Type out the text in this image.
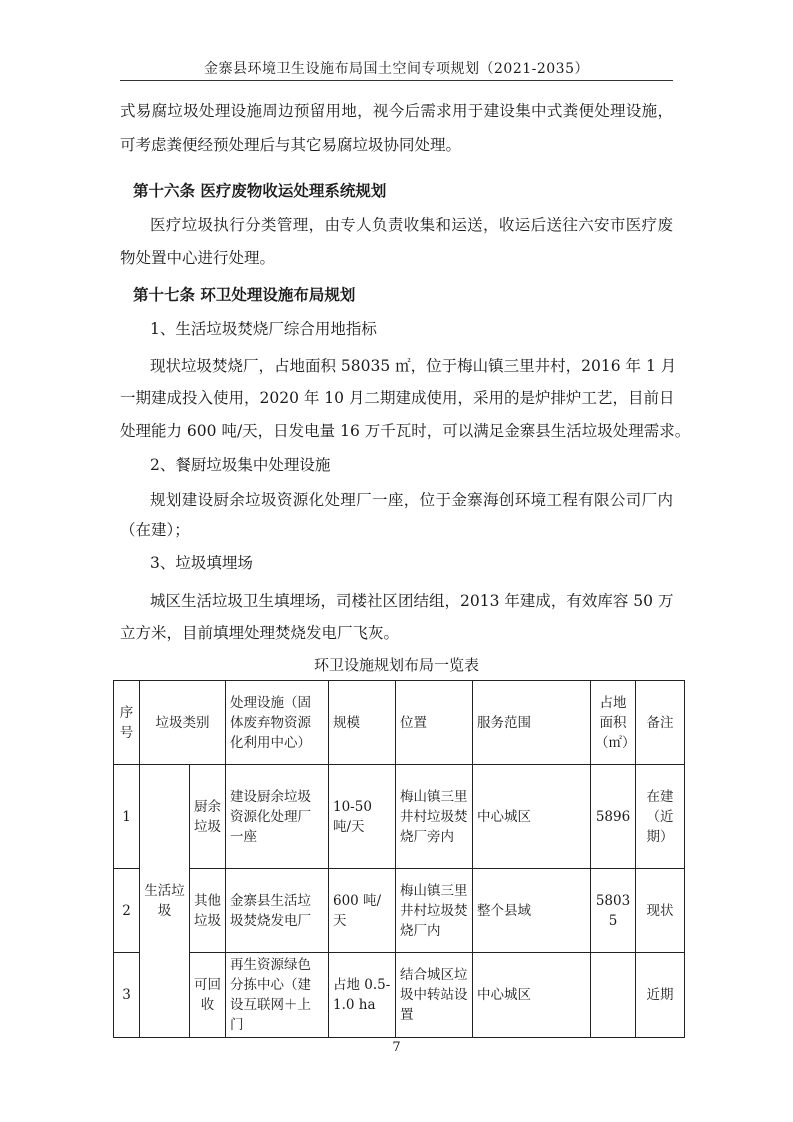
金寨县环境卫生设施布局国土空间专项规划（2021-2035）
式易腐垃圾处理设施周边预留用地，视今后需求用于建设集中式粪便处理设施，
可考虑粪便经预处理后与其它易腐垃圾协同处理。
第十六条 医疗废物收运处理系统规划
医疗垃圾执行分类管理，由专人负责收集和运送，收运后送往六安市医疗废
物处置中心进行处理。
第十七条 环卫处理设施布局规划
1、生活垃圾焚烧厂综合用地指标
现状垃圾焚烧厂，占地面积 58035 ㎡，位于梅山镇三里井村，2016 年 1 月
一期建成投入使用，2020 年 10 月二期建成使用，采用的是炉排炉工艺，目前日
处理能力 600 吨/天，日发电量 16 万千瓦时，可以满足金寨县生活垃圾处理需求。
2、餐厨垃圾集中处理设施
规划建设厨余垃圾资源化处理厂一座，位于金寨海创环境工程有限公司厂内
（在建）；
3、垃圾填埋场
城区生活垃圾卫生填埋场，司楼社区团结组，2013 年建成，有效库容 50 万
立方米，目前填埋处理焚烧发电厂飞灰。
环卫设施规划布局一览表
序号	垃圾类别		处理设施（固体废弃物资源化利用中心）	规模	位置	服务范围	占地面积（㎡）	备注
1	生活垃圾	厨余垃圾	建设厨余垃圾资源化处理厂一座	10-50 吨/天	梅山镇三里井村垃圾焚烧厂旁内	中心城区	5896	在建（近期）
2		其他垃圾	金寨县生活垃圾焚烧发电厂	600 吨/天	梅山镇三里井村垃圾焚烧厂内	整个县域	58035	现状
3		可回收	再生资源绿色分拣中心（建设互联网＋上门	占地 0.5-1.0 ha	结合城区垃圾中转站设置	中心城区		近期
7
